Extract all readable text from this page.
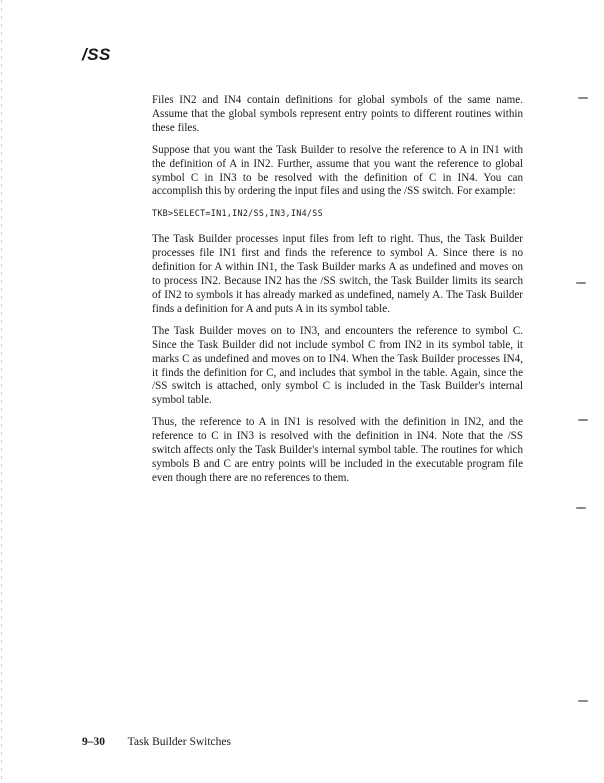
/SS

Files IN2 and IN4 contain definitions for global symbols of the same name. Assume that the global symbols represent entry points to different routines within these files.

Suppose that you want the Task Builder to resolve the reference to A in IN1 with the definition of A in IN2. Further, assume that you want the reference to global symbol C in IN3 to be resolved with the definition of C in IN4. You can accomplish this by ordering the input files and using the /SS switch. For example:

TKB>SELECT=IN1,IN2/SS,IN3,IN4/SS

The Task Builder processes input files from left to right. Thus, the Task Builder processes file IN1 first and finds the reference to symbol A. Since there is no definition for A within IN1, the Task Builder marks A as undefined and moves on to process IN2. Because IN2 has the /SS switch, the Task Builder limits its search of IN2 to symbols it has already marked as undefined, namely A. The Task Builder finds a definition for A and puts A in its symbol table.

The Task Builder moves on to IN3, and encounters the reference to symbol C. Since the Task Builder did not include symbol C from IN2 in its symbol table, it marks C as undefined and moves on to IN4. When the Task Builder processes IN4, it finds the definition for C, and includes that symbol in the table. Again, since the /SS switch is attached, only symbol C is included in the Task Builder's internal symbol table.

Thus, the reference to A in IN1 is resolved with the definition in IN2, and the reference to C in IN3 is resolved with the definition in IN4. Note that the /SS switch affects only the Task Builder's internal symbol table. The routines for which symbols B and C are entry points will be included in the executable program file even though there are no references to them.

9–30 Task Builder Switches
